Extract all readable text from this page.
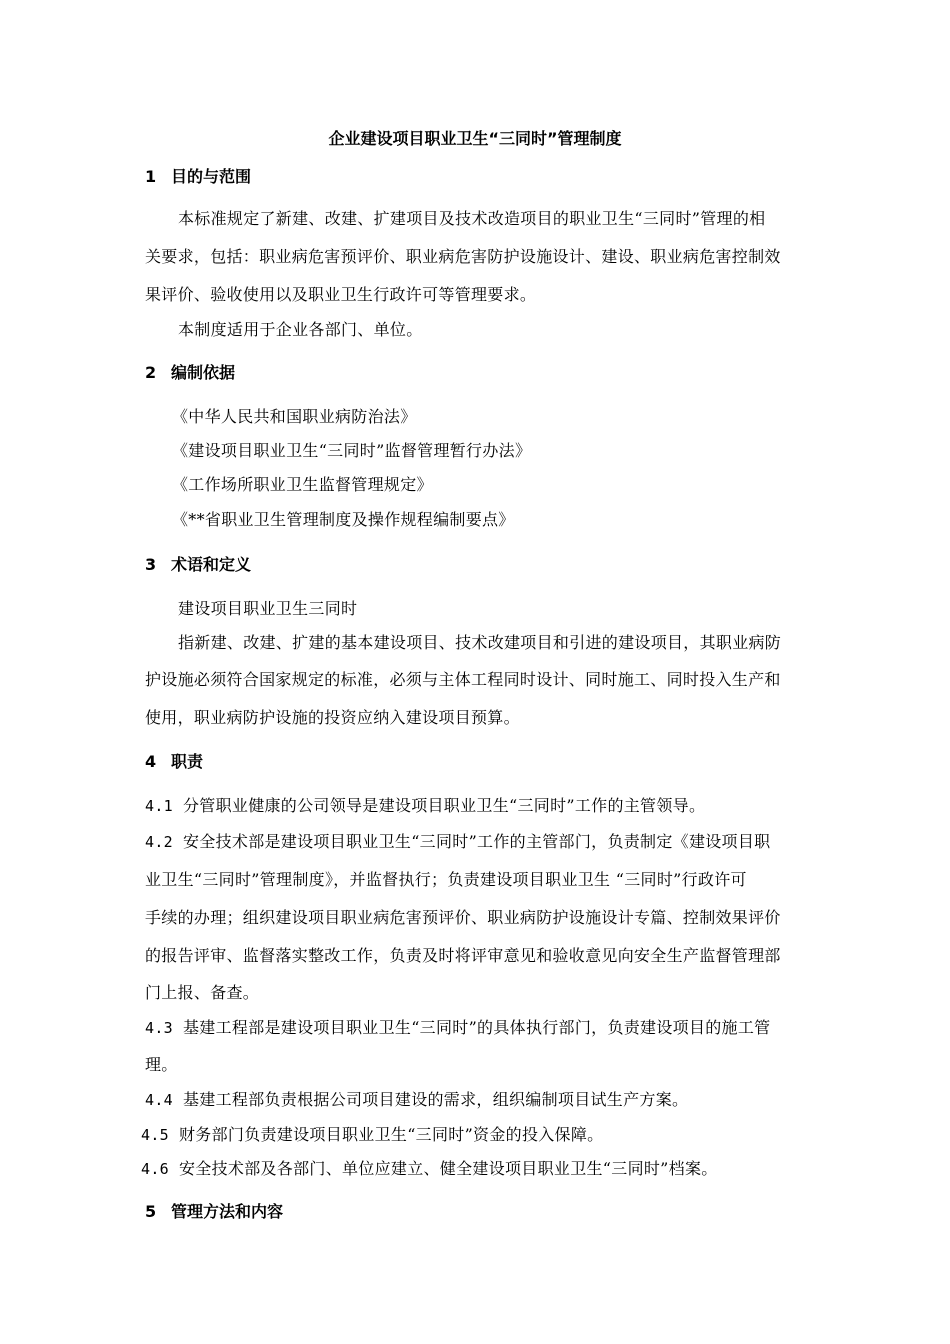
企业建设项目职业卫生“三同时”管理制度
1 目的与范围
本标准规定了新建、改建、扩建项目及技术改造项目的职业卫生“三同时”管理的相
关要求，包括：职业病危害预评价、职业病危害防护设施设计、建设、职业病危害控制效
果评价、验收使用以及职业卫生行政许可等管理要求。
本制度适用于企业各部门、单位。
2 编制依据
《中华人民共和国职业病防治法》
《建设项目职业卫生“三同时”监督管理暂行办法》
《工作场所职业卫生监督管理规定》
《**省职业卫生管理制度及操作规程编制要点》
3 术语和定义
建设项目职业卫生三同时
指新建、改建、扩建的基本建设项目、技术改建项目和引进的建设项目，其职业病防
护设施必须符合国家规定的标准，必须与主体工程同时设计、同时施工、同时投入生产和
使用，职业病防护设施的投资应纳入建设项目预算。
4 职责
4.1 分管职业健康的公司领导是建设项目职业卫生“三同时”工作的主管领导。
4.2 安全技术部是建设项目职业卫生“三同时”工作的主管部门，负责制定《建设项目职
业卫生“三同时”管理制度》，并监督执行；负责建设项目职业卫生 “三同时”行政许可
手续的办理；组织建设项目职业病危害预评价、职业病防护设施设计专篇、控制效果评价
的报告评审、监督落实整改工作，负责及时将评审意见和验收意见向安全生产监督管理部
门上报、备查。
4.3 基建工程部是建设项目职业卫生“三同时”的具体执行部门，负责建设项目的施工管
理。
4.4 基建工程部负责根据公司项目建设的需求，组织编制项目试生产方案。
4.5 财务部门负责建设项目职业卫生“三同时”资金的投入保障。
4.6 安全技术部及各部门、单位应建立、健全建设项目职业卫生“三同时”档案。
5 管理方法和内容
